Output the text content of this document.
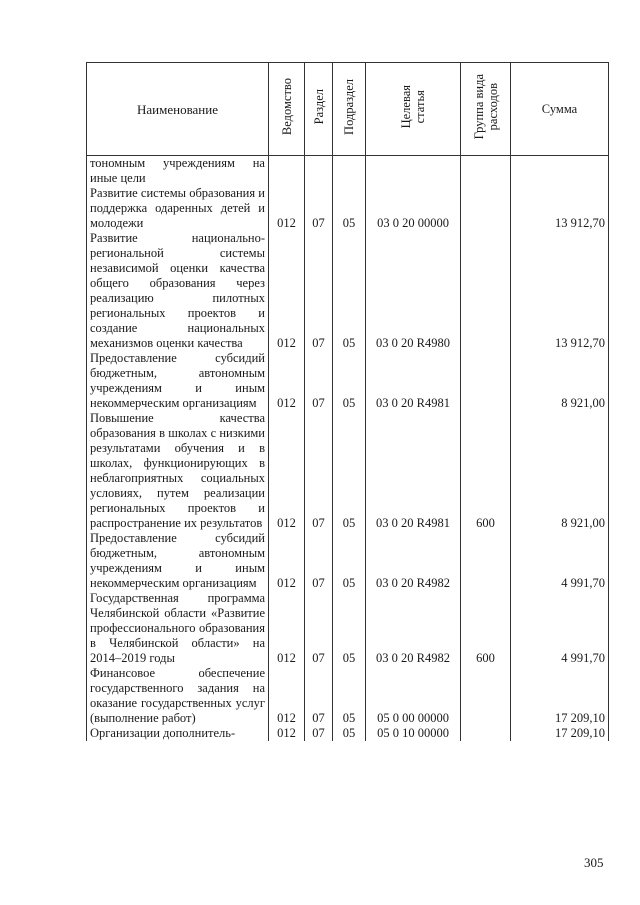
Наименование	Ведомство	Раздел	Подраздел	Целевая
статья	Группа вида
расходов	Сумма
тономным учреждениям на иные цели						
Развитие системы образования и поддержка одаренных детей и молодежи	012	07	05	03 0 20 00000		13 912,70
Развитие национально-региональной системы независимой оценки качества общего образования через реализацию пилотных региональных проектов и создание национальных механизмов оценки качества	012	07	05	03 0 20 R4980		13 912,70
Предоставление субсидий бюджетным, автономным учреждениям и иным некоммерческим организациям	012	07	05	03 0 20 R4981		8 921,00
Повышение качества образования в школах с низкими результатами обучения и в школах, функционирующих в неблагоприятных социальных условиях, путем реализации региональных проектов и распространение их результатов	012	07	05	03 0 20 R4981	600	8 921,00
Предоставление субсидий бюджетным, автономным учреждениям и иным некоммерческим организациям	012	07	05	03 0 20 R4982		4 991,70
Государственная программа Челябинской области «Развитие профессионального образования в Челябинской области» на 2014–2019 годы	012	07	05	03 0 20 R4982	600	4 991,70
Финансовое обеспечение государственного задания на оказание государственных услуг (выполнение работ)	012	07	05	05 0 00 00000		17 209,10
Организации дополнитель-	012	07	05	05 0 10 00000		17 209,10
305
